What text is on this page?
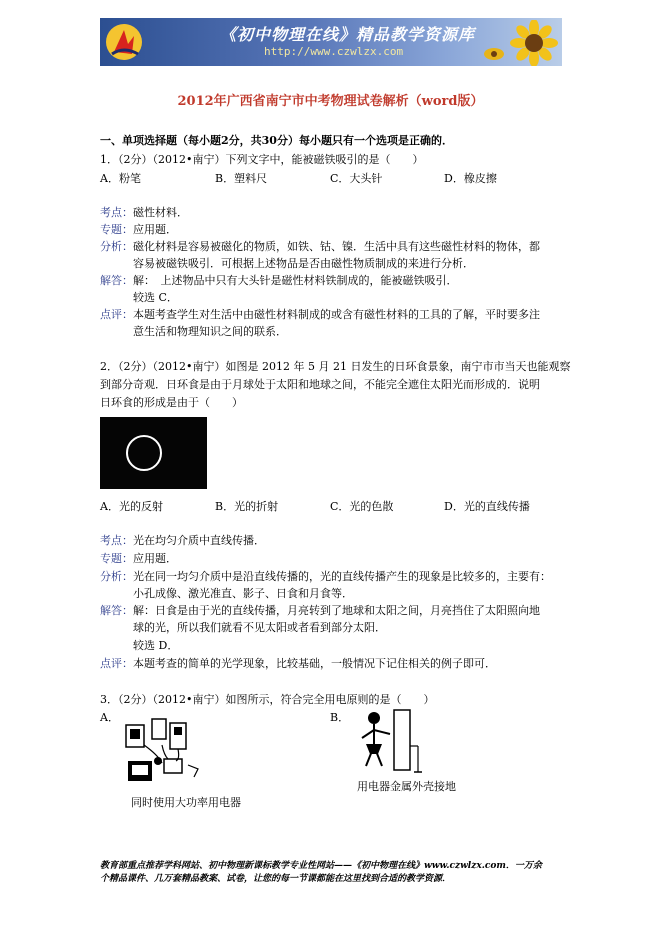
《初中物理在线》精品教学资源库
http://www.czwlzx.com
2012年广西省南宁市中考物理试卷解析（word版）
一、单项选择题（每小题2分，共30分）每小题只有一个选项是正确的．
1．（2分）（2012•南宁）下列文字中，能被磁铁吸引的是（　　）
A．粉笔	B．塑料尺	C．大头针	D．橡皮擦
考点： 磁性材料．
专题： 应用题．
分析： 磁化材料是容易被磁化的物质，如铁、钴、镍．生活中具有这些磁性材料的物体，都
容易被磁铁吸引．可根据上述物品是否由磁性物质制成的来进行分析．
解答： 解：　上述物品中只有大头针是磁性材料铁制成的，能被磁铁吸引．
较选 C．
点评： 本题考查学生对生活中由磁性材料制成的或含有磁性材料的工具的了解，平时要多注
意生活和物理知识之间的联系．
2．（2分）（2012•南宁）如图是 2012 年 5 月 21 日发生的日环食景象，南宁市市当天也能观察
到部分奇观．日环食是由于月球处于太阳和地球之间，不能完全遮住太阳光而形成的．说明
日环食的形成是由于（　　）
A．光的反射	B．光的折射	C．光的色散	D．光的直线传播
考点： 光在均匀介质中直线传播．
专题： 应用题．
分析： 光在同一均匀介质中是沿直线传播的，光的直线传播产生的现象是比较多的，主要有：
小孔成像、激光准直、影子、日食和月食等．
解答： 解：日食是由于光的直线传播，月亮转到了地球和太阳之间，月亮挡住了太阳照向地
球的光，所以我们就看不见太阳或者看到部分太阳．
较选 D．
点评： 本题考查的简单的光学现象，比较基础，一般情况下记住相关的例子即可．
3．（2分）（2012•南宁）如图所示，符合完全用电原则的是（　　）
A．	B．
同时使用大功率用电器
用电器金属外壳接地
教育部重点推荐学科网站、初中物理新课标教学专业性网站——《初中物理在线》www.czwlzx.com．一万余
个精品课件、几万套精品教案、试卷，让您的每一节课都能在这里找到合适的教学资源．
